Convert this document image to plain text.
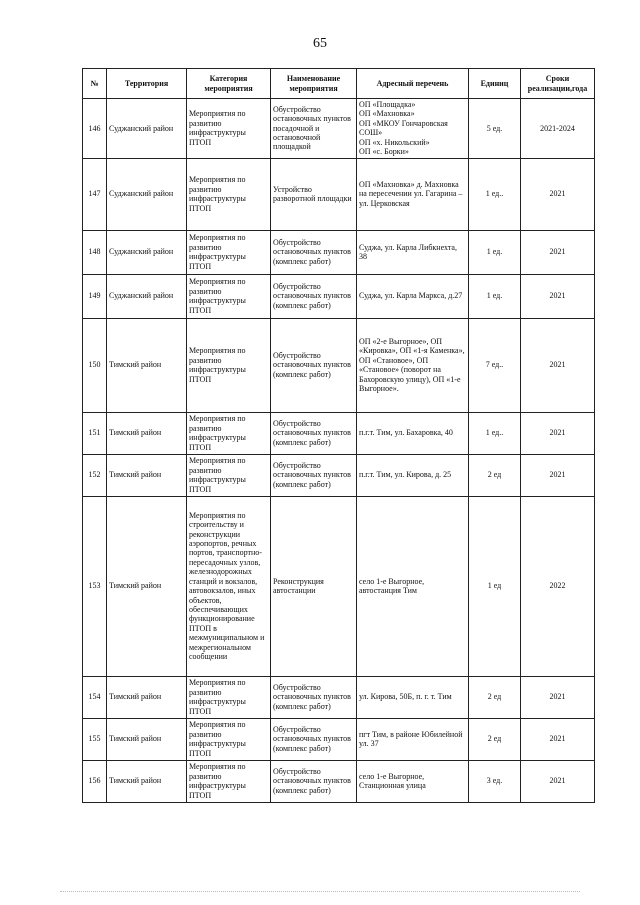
65
№	Территория	Категория мероприятия	Наименование мероприятия	Адресный перечень	Единиц	Сроки реализации,года
146	Суджанский район	Мероприятия по развитию инфраструктуры ПТОП	Обустройство остановочных пунктов посадочной и остановочной площадкой	ОП «Площадка»
ОП «Махновка»
ОП «МКОУ Гончаровская СОШ»
ОП «х. Никольский»
ОП «с. Борки»	5 ед.	2021-2024
147	Суджанский район	Мероприятия по развитию инфраструктуры ПТОП	Устройство разворотной площадки	ОП «Махновка» д. Махновка на пересечении ул. Гагарина – ул. Церковская	1 ед..	2021
148	Суджанский район	Мероприятия по развитию инфраструктуры ПТОП	Обустройство остановочных пунктов (комплекс работ)	Суджа, ул. Карла Либкнехта, 38	1 ед.	2021
149	Суджанский район	Мероприятия по развитию инфраструктуры ПТОП	Обустройство остановочных пунктов (комплекс работ)	Суджа, ул. Карла Маркса, д.27	1 ед.	2021
150	Тимский район	Мероприятия по развитию инфраструктуры ПТОП	Обустройство остановочных пунктов (комплекс работ)	ОП «2-е Выгорное», ОП «Кировка», ОП «1-я Каменка», ОП «Становое», ОП «Становое» (поворот на Бахоровскую улицу), ОП «1-е Выгорное».	7 ед..	2021
151	Тимский район	Мероприятия по развитию инфраструктуры ПТОП	Обустройство остановочных пунктов (комплекс работ)	п.г.т. Тим, ул. Бахаровка, 40	1 ед..	2021
152	Тимский район	Мероприятия по развитию инфраструктуры ПТОП	Обустройство остановочных пунктов (комплекс работ)	п.г.т. Тим, ул. Кирова, д. 25	2 ед	2021
153	Тимский район	Мероприятия по строительству и реконструкции аэропортов, речных портов, транспортно-пересадочных узлов, железнодорожных станций и вокзалов, автовокзалов, иных объектов, обеспечивающих функционирование ПТОП в межмуниципальном и межрегиональном сообщении	Реконструкция автостанции	село 1-е Выгорное, автостанция Тим	1 ед	2022
154	Тимский район	Мероприятия по развитию инфраструктуры ПТОП	Обустройство остановочных пунктов (комплекс работ)	ул. Кирова, 50Б, п. г. т. Тим	2 ед	2021
155	Тимский район	Мероприятия по развитию инфраструктуры ПТОП	Обустройство остановочных пунктов (комплекс работ)	пгт Тим, в районе Юбилейной ул. 37	2 ед	2021
156	Тимский район	Мероприятия по развитию инфраструктуры ПТОП	Обустройство остановочных пунктов (комплекс работ)	село 1-е Выгорное, Станционная улица	3 ед.	2021
